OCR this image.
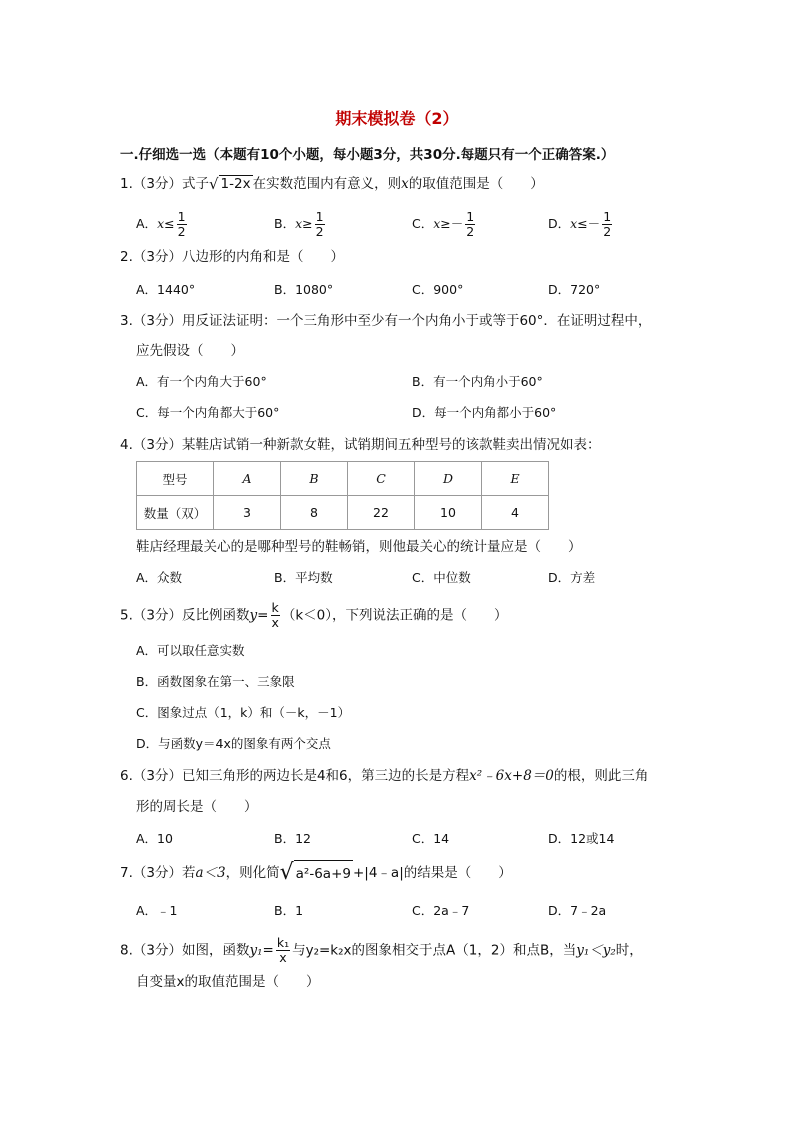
期末模拟卷（2）
一.仔细选一选（本题有10个小题，每小题3分，共30分.每题只有一个正确答案.）
1.（3分）式子 √ 1-2x 在实数范围内有意义，则x的取值范围是（　　）
A．$x\le \frac{1}{2}$	B．$x\ge \frac{1}{2}$	C．$x\ge- \frac{1}{2}$	D．$x\le- \frac{1}{2}$
2.（3分）八边形的内角和是（　　）
A．1440°	B．1080°	C．900°	D．720°
3.（3分）用反证法证明：一个三角形中至少有一个内角小于或等于60°．在证明过程中，
应先假设（　　）
A．有一个内角大于60°	B．有一个内角小于60°
C．每一个内角都大于60°	D．每一个内角都小于60°
4.（3分）某鞋店试销一种新款女鞋，试销期间五种型号的该款鞋卖出情况如表：
型号	A	B	C	D	E
数量（双）	3	8	22	10	4
鞋店经理最关心的是哪种型号的鞋畅销，则他最关心的统计量应是（　　）
A．众数	B．平均数	C．中位数	D．方差
5.（3分）反比例函数$y= \frac{k}{x} (k<0)$，下列说法正确的是（　　）
A．可以取任意实数
B．函数图象在第一、三象限
C．图象过点（1，k）和（－k，－1）
D．与函数y＝4x的图象有两个交点
6.（3分）已知三角形的两边长是4和6，第三边的长是方程x²﹣6x+8＝0的根，则此三角
形的周长是（　　）
A．10	B．12	C．14	D．12或14
7.（3分）若a＜3，则化简 √ a²-6a+9 +|4﹣a|的结果是（　　）
A．﹣1	B．1	C．2a﹣7	D．7﹣2a
8.（3分）如图，函数$y_1= \frac{\text{k₁}}{x}$ 与y₂=k₂x的图象相交于点A（1，2）和点B，当y₁＜y₂时，
自变量x的取值范围是（　　）
